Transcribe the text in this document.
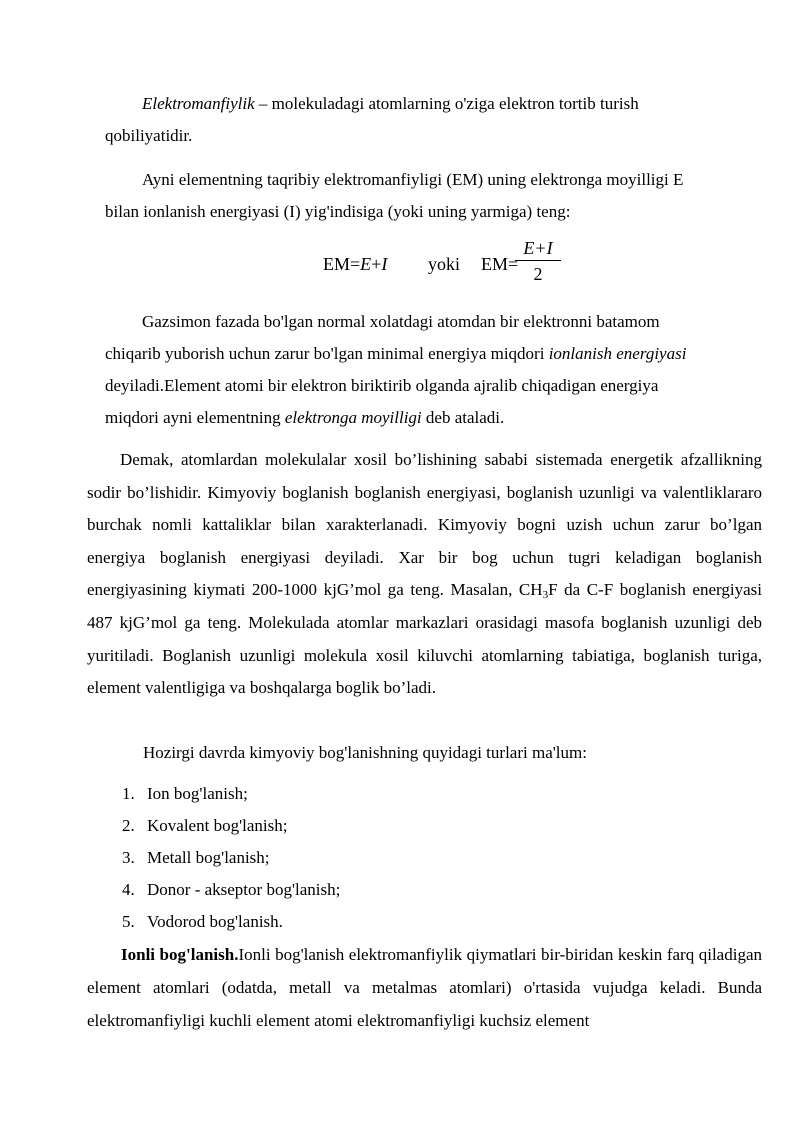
Elektromanfiylik – molekuladagi atomlarning o'ziga elektron tortib turish
qobiliyatidir.
Ayni elementning taqribiy elektromanfiyligi (EM) uning elektronga moyilligi E
bilan ionlanish energiyasi (I) yig'indisiga (yoki uning yarmiga) teng:
EM=E+I yoki EM=
E+I
2
Gazsimon fazada bo'lgan normal xolatdagi atomdan bir elektronni batamom
chiqarib yuborish uchun zarur bo'lgan minimal energiya miqdori ionlanish energiyasi
deyiladi.Element atomi bir elektron biriktirib olganda ajralib chiqadigan energiya
miqdori ayni elementning elektronga moyilligi deb ataladi.
Demak, atomlardan molekulalar xosil bo’lishining sababi sistemada energetik afzallikning sodir bo’lishidir. Kimyoviy boglanish boglanish energiyasi, boglanish uzunligi va valentliklararo burchak nomli kattaliklar bilan xarakterlanadi. Kimyoviy bogni uzish uchun zarur bo’lgan energiya boglanish energiyasi deyiladi. Xar bir bog uchun tugri keladigan boglanish energiyasining kiymati 200-1000 kjG’mol ga teng. Masalan, $CH_3F$ da C-F boglanish energiyasi 487 kjG’mol ga teng. Molekulada atomlar markazlari orasidagi masofa boglanish uzunligi deb yuritiladi. Boglanish uzunligi molekula xosil kiluvchi atomlarning tabiatiga, boglanish turiga, element valentligiga va boshqalarga boglik bo’ladi.
Hozirgi davrda kimyoviy bog'lanishning quyidagi turlari ma'lum:
1. Ion bog'lanish;
2. Kovalent bog'lanish;
3. Metall bog'lanish;
4. Donor - akseptor bog'lanish;
5. Vodorod bog'lanish.
Ionli bog'lanish.Ionli bog'lanish elektromanfiylik qiymatlari bir-biridan keskin farq qiladigan element atomlari (odatda, metall va metalmas atomlari) o'rtasida vujudga keladi. Bunda elektromanfiyligi kuchli element atomi elektromanfiyligi kuchsiz element
